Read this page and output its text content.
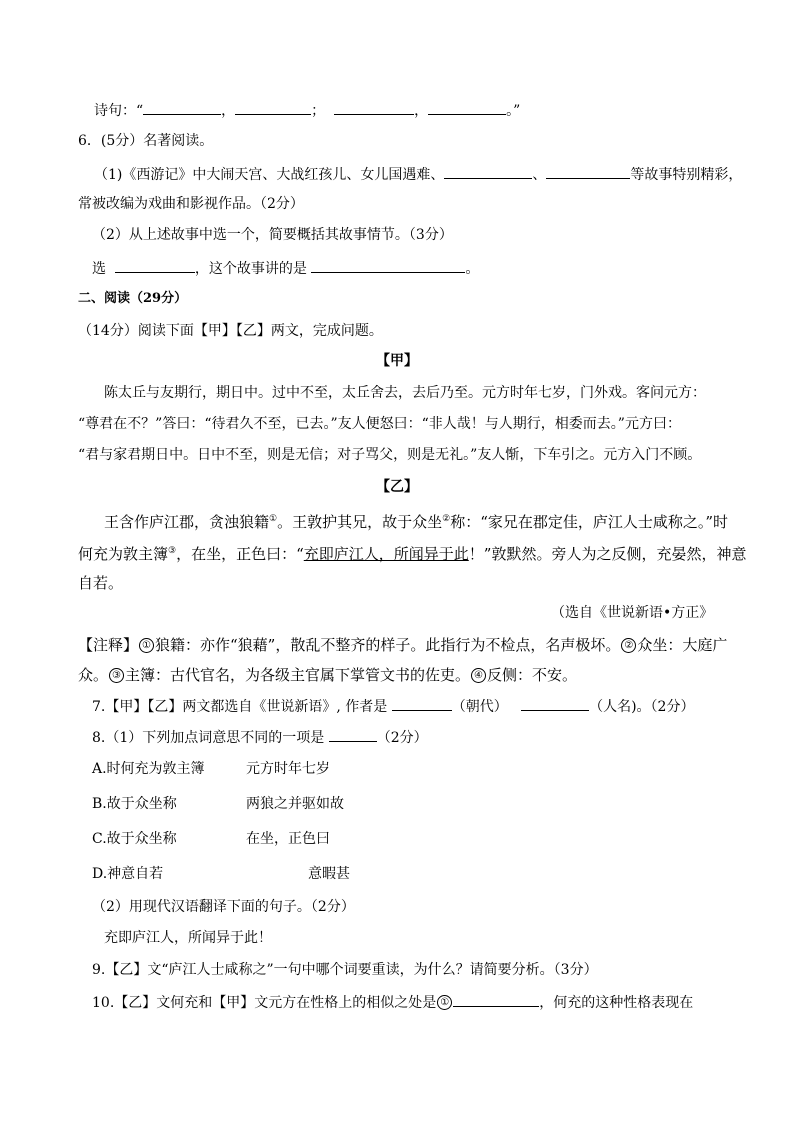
诗句：“	，	；	，	。”
6．(5分）名著阅读。
（1)《西游记》中大闹天宫、大战红孩儿、女儿国遇难、	、	等故事特别精彩，
常被改编为戏曲和影视作品。（2分）
（2）从上述故事中选一个，简要概括其故事情节。（3分）
选	，这个故事讲的是	。
二、阅读（29分）
（14分）阅读下面【甲】【乙】两文，完成问题。
【甲】
陈太丘与友期行，期日中。过中不至，太丘舍去，去后乃至。元方时年七岁，门外戏。客问元方：
“尊君在不？”答曰：“待君久不至，已去。”友人便怒曰：“非人哉！与人期行，相委而去。”元方曰：
“君与家君期日中。日中不至，则是无信；对子骂父，则是无礼。”友人惭，下车引之。元方入门不顾。
【乙】
王含作庐江郡，贪浊狼籍①。王敦护其兄，故于众坐②称：“家兄在郡定佳，庐江人士咸称之。”时
何充为敦主簿③，在坐，正色曰：“充即庐江人，所闻异于此！”敦默然。旁人为之反侧，充晏然，神意
自若。
（选自《世说新语•方正》
【注释】 ① 狼籍：亦作“狼藉”，散乱不整齐的样子。此指行为不检点，名声极坏。 ② 众坐：大庭广
众。 ③ 主簿：古代官名，为各级主官属下掌管文书的佐吏。 ④ 反侧：不安。
7.【甲】【乙】两文都选自《世说新语》, 作者是	（朝代）	（人名)。（2分）
8.（1）下列加点词意思不同的一项是	（2分）
A.时何充为敦主簿	元方时年七岁
B.故于众坐称	两狼之并驱如故
C.故于众坐称	在坐，正色曰
D.神意自若	意暇甚
（2）用现代汉语翻译下面的句子。（2分）
充即庐江人，所闻异于此！
9.【乙】文“庐江人士咸称之”一句中哪个词要重读，为什么？请简要分析。（3分）
10.【乙】文何充和【甲】文元方在性格上的相似之处是 ①	，何充的这种性格表现在
